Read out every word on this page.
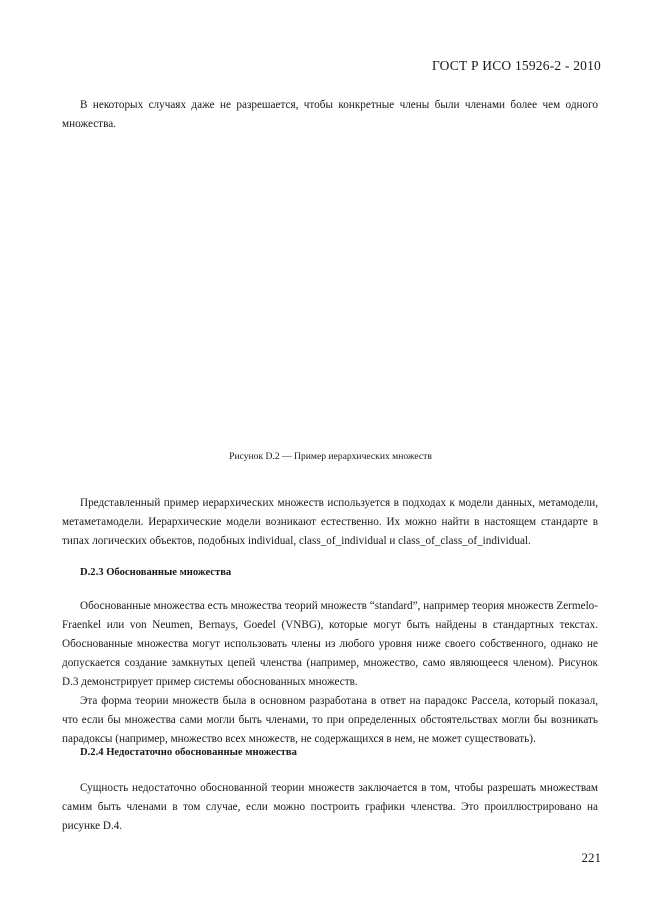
ГОСТ Р ИСО 15926-2 - 2010

В некоторых случаях даже не разрешается, чтобы конкретные члены были членами более чем одного множества.

Рисунок D.2 — Пример иерархических множеств

Представленный пример иерархических множеств используется в подходах к модели данных, метамодели, метаметамодели. Иерархические модели возникают естественно. Их можно найти в настоящем стандарте в типах логических объектов, подобных individual, class_of_individual и class_of_class_of_individual.

D.2.3 Обоснованные множества

Обоснованные множества есть множества теорий множеств “standard”, например теория множеств Zermelo-Fraenkel или von Neumen, Bernays, Goedel (VNBG), которые могут быть найдены в стандартных текстах. Обоснованные множества могут использовать члены из любого уровня ниже своего собственного, однако не допускается создание замкнутых цепей членства (например, множество, само являющееся членом). Рисунок D.3 демонстрирует пример системы обоснованных множеств.

Эта форма теории множеств была в основном разработана в ответ на парадокс Рассела, который показал, что если бы множества сами могли быть членами, то при определенных обстоятельствах могли бы возникать парадоксы (например, множество всех множеств, не содержащихся в нем, не может существовать).

D.2.4 Недостаточно обоснованные множества

Сущность недостаточно обоснованной теории множеств заключается в том, чтобы разрешать множествам самим быть членами в том случае, если можно построить графики членства. Это проиллюстрировано на рисунке D.4.

221
